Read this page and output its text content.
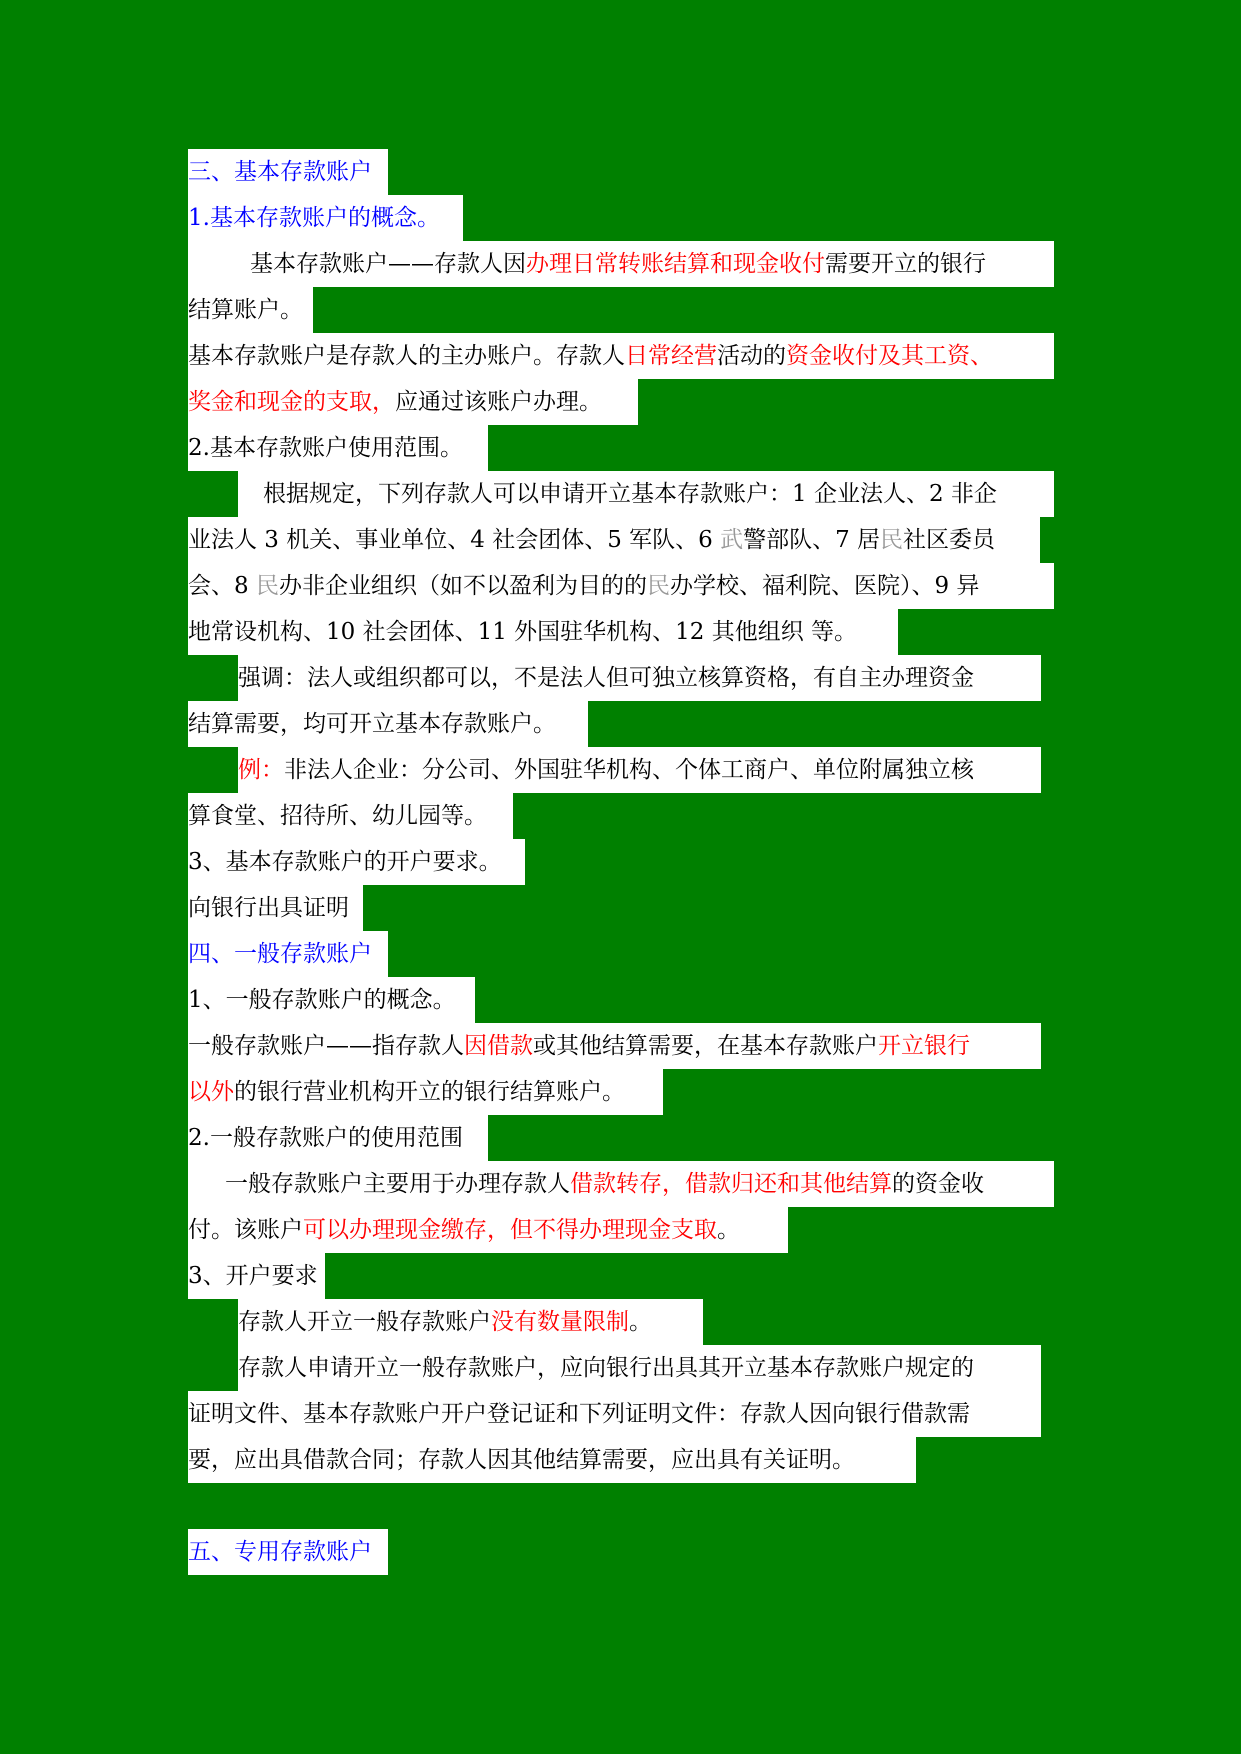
三、基本存款账户
1.基本存款账户的概念。
基本存款账户——存款人因办理日常转账结算和现金收付需要开立的银行
结算账户。
基本存款账户是存款人的主办账户。存款人日常经营活动的资金收付及其工资、
奖金和现金的支取，应通过该账户办理。
2.基本存款账户使用范围。
根据规定，下列存款人可以申请开立基本存款账户：1 企业法人、2 非企
业法人 3 机关、事业单位、4 社会团体、5 军队、6 武警部队、7 居民社区委员
会、8 民办非企业组织（如不以盈利为目的的民办学校、福利院、医院）、9 异
地常设机构、10 社会团体、11 外国驻华机构、12 其他组织 等。
强调：法人或组织都可以，不是法人但可独立核算资格，有自主办理资金
结算需要，均可开立基本存款账户。
例：非法人企业：分公司、外国驻华机构、个体工商户、单位附属独立核
算食堂、招待所、幼儿园等。
3、基本存款账户的开户要求。
向银行出具证明
四、一般存款账户
1、一般存款账户的概念。
一般存款账户——指存款人因借款或其他结算需要，在基本存款账户开立银行
以外的银行营业机构开立的银行结算账户。
2.一般存款账户的使用范围
一般存款账户主要用于办理存款人借款转存，借款归还和其他结算的资金收
付。该账户可以办理现金缴存，但不得办理现金支取。
3、开户要求
存款人开立一般存款账户没有数量限制。
存款人申请开立一般存款账户，应向银行出具其开立基本存款账户规定的
证明文件、基本存款账户开户登记证和下列证明文件：存款人因向银行借款需
要，应出具借款合同；存款人因其他结算需要，应出具有关证明。
五、专用存款账户
